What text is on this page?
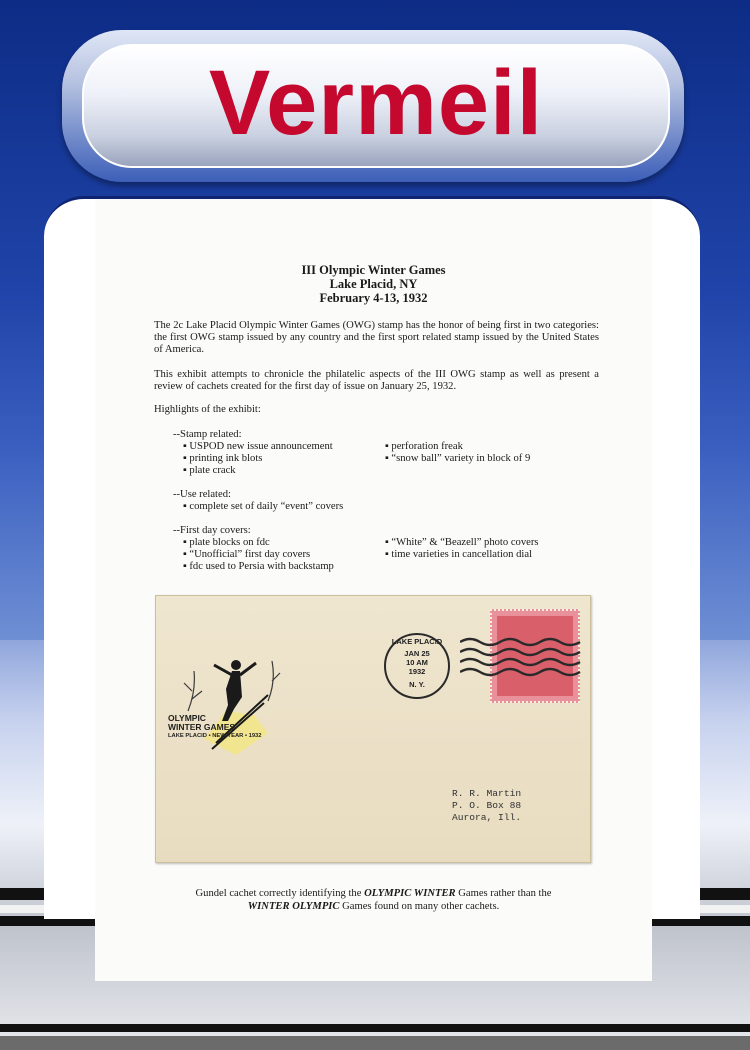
Vermeil
III Olympic Winter Games
Lake Placid, NY
February 4-13, 1932
The 2c Lake Placid Olympic Winter Games (OWG) stamp has the honor of being first in two categories: the first OWG stamp issued by any country and the first sport related stamp issued by the United States of America.
This exhibit attempts to chronicle the philatelic aspects of the III OWG stamp as well as present a review of cachets created for the first day of issue on January 25, 1932.
Highlights of the exhibit:
--Stamp related:
▪ USPOD new issue announcement
▪ printing ink blots
▪ plate crack
▪ perforation freak
▪ “snow ball” variety in block of 9
--Use related:
▪ complete set of daily “event” covers
--First day covers:
▪ plate blocks on fdc
▪ “Unofficial” first day covers
▪ fdc used to Persia with backstamp
▪ “White” & “Beazell” photo covers
▪ time varieties in cancellation dial
OLYMPIC
WINTER GAMES
LAKE PLACID • NEW YEAR • 1932
LAKE PLACID
JAN 25
10 AM
1932
N. Y.
R. R. Martin
P. O. Box 88
Aurora, Ill.
Gundel cachet correctly identifying the OLYMPIC WINTER Games rather than the
WINTER OLYMPIC Games found on many other cachets.
